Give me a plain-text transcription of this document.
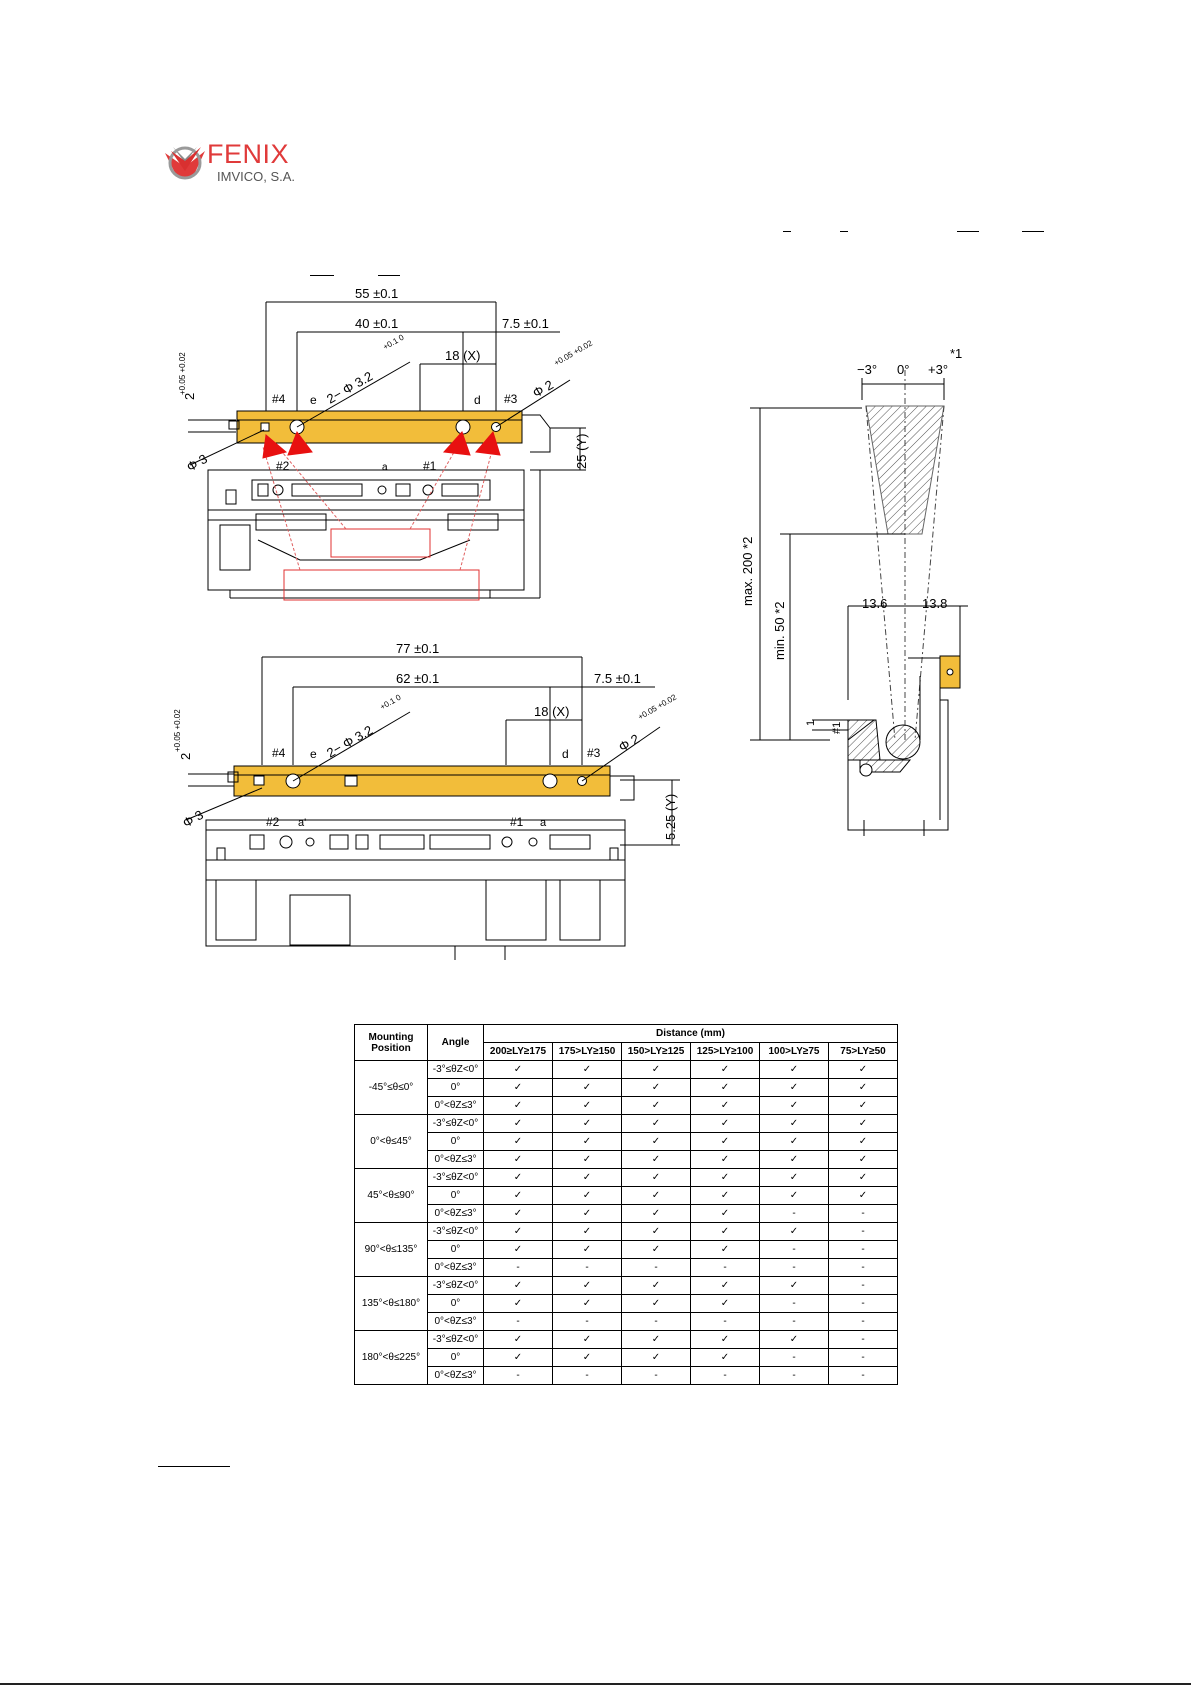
FENIX
IMVICO, S.A.
55 ±0.1
40 ±0.1	7.5 ±0.1
18 (X)
25 (Y)
2− Φ 3.2
+0.1 0
Φ 2
+0.05 +0.02
2
+0.05 +0.02
Φ 3
#4 e	d #3
#2	a	#1
77 ±0.1
62 ±0.1	7.5 ±0.1
18 (X)
5.25 (Y)
2− Φ 3.2
+0.1 0
Φ 2
+0.05 +0.02
2
+0.05 +0.02
Φ 3
#4 e	d #3
#2 a'	#1 a
−3° 0° +3°
*1
max. 200 *2
min. 50 *2	13.6	13.8
1 #1
Mounting Position	Angle	Distance (mm)					
		200≥LY≥175	175>LY≥150	150>LY≥125	125>LY≥100	100>LY≥75	75>LY≥50
-45°≤θ≤0°	-3°≤θZ<0°	✓	✓	✓	✓	✓	✓
	0°	✓	✓	✓	✓	✓	✓
	0°<θZ≤3°	✓	✓	✓	✓	✓	✓
0°<θ≤45°	-3°≤θZ<0°	✓	✓	✓	✓	✓	✓
	0°	✓	✓	✓	✓	✓	✓
	0°<θZ≤3°	✓	✓	✓	✓	✓	✓
45°<θ≤90°	-3°≤θZ<0°	✓	✓	✓	✓	✓	✓
	0°	✓	✓	✓	✓	✓	✓
	0°<θZ≤3°	✓	✓	✓	✓	-	-
90°<θ≤135°	-3°≤θZ<0°	✓	✓	✓	✓	✓	-
	0°	✓	✓	✓	✓	-	-
	0°<θZ≤3°	-	-	-	-	-	-
135°<θ≤180°	-3°≤θZ<0°	✓	✓	✓	✓	✓	-
	0°	✓	✓	✓	✓	-	-
	0°<θZ≤3°	-	-	-	-	-	-
180°<θ≤225°	-3°≤θZ<0°	✓	✓	✓	✓	✓	-
	0°	✓	✓	✓	✓	-	-
	0°<θZ≤3°	-	-	-	-	-	-
